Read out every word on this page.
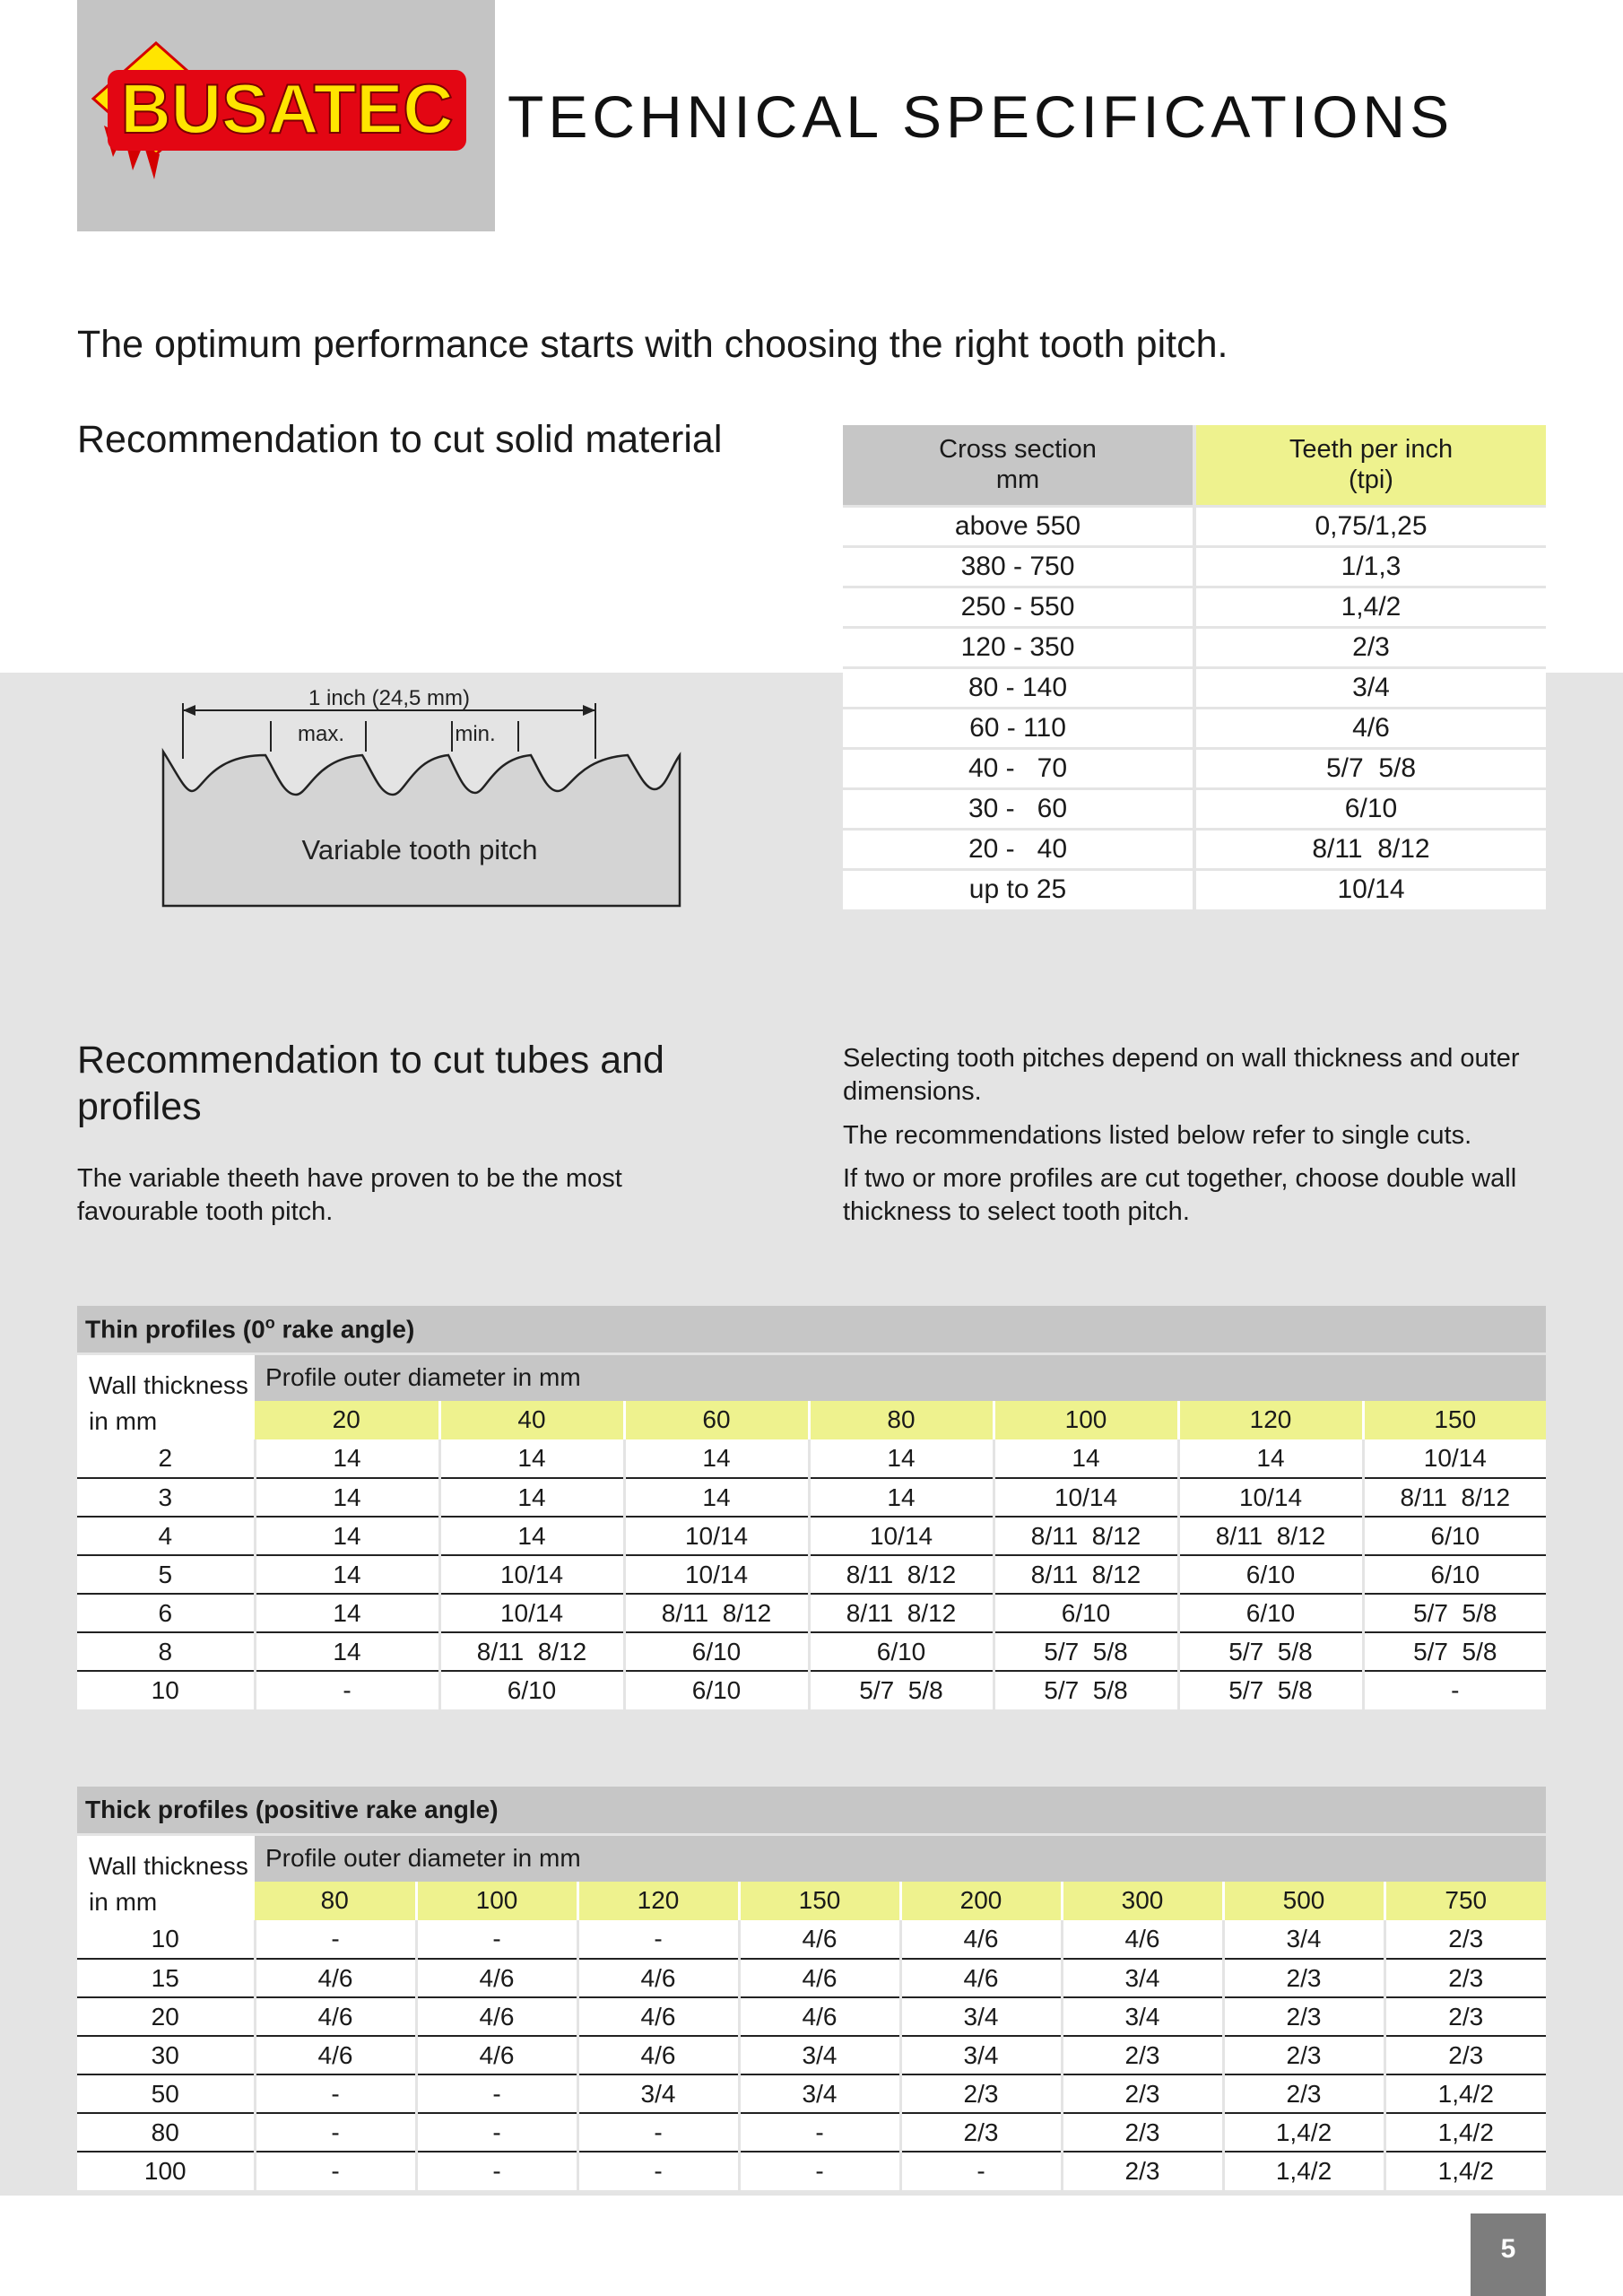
BUSATEC TECHNICAL SPECIFICATIONS

The optimum performance starts with choosing the right tooth pitch.

Recommendation to cut solid material
1 inch (24,5 mm)
max.	min.
Variable tooth pitch
Cross section
mm	Teeth per inch
(tpi)
above 550	0,75/1,25
380 - 750	1/1,3
250 - 550	1,4/2
120 - 350	2/3
80 - 140	3/4
60 - 110	4/6
40 -   70	5/7  5/8
30 -   60	6/10
20 -   40	8/11  8/12
up to 25	10/14
Recommendation to cut tubes and profiles

The variable theeth have proven to be the most favourable tooth pitch.

Selecting tooth pitches depend on wall thickness and outer dimensions.

The recommendations listed below refer to single cuts.

If two or more profiles are cut together, choose double wall thickness to select tooth pitch.

Thin profiles (0$^o$ rake angle)							

Wall thickness
in mm	Profile outer diameter in mm						
	20	40	60	80	100	120	150
2	14	14	14	14	14	14	10/14
3	14	14	14	14	10/14	10/14	8/11  8/12
4	14	14	10/14	10/14	8/11  8/12	8/11  8/12	6/10
5	14	10/14	10/14	8/11  8/12	8/11  8/12	6/10	6/10
6	14	10/14	8/11  8/12	8/11  8/12	6/10	6/10	5/7  5/8
8	14	8/11  8/12	6/10	6/10	5/7  5/8	5/7  5/8	5/7  5/8
10	-	6/10	6/10	5/7  5/8	5/7  5/8	5/7  5/8	-
Thick profiles (positive rake angle)								

Wall thickness
in mm	Profile outer diameter in mm							
	80	100	120	150	200	300	500	750
10	-	-	-	4/6	4/6	4/6	3/4	2/3
15	4/6	4/6	4/6	4/6	4/6	3/4	2/3	2/3
20	4/6	4/6	4/6	4/6	3/4	3/4	2/3	2/3
30	4/6	4/6	4/6	3/4	3/4	2/3	2/3	2/3
50	-	-	3/4	3/4	2/3	2/3	2/3	1,4/2
80	-	-	-	-	2/3	2/3	1,4/2	1,4/2
100	-	-	-	-	-	2/3	1,4/2	1,4/2
5
